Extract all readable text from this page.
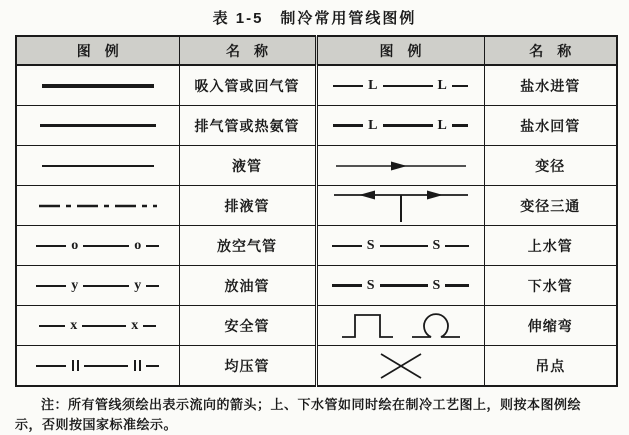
表 1-5　制冷常用管线图例
图　例	名　称	图　例	名　称

	吸入管或回气管	L L	盐水进管

	排气管或热氨管	L L	盐水回管

	液管		变径

	排液管		变径三通

o o	放空气管	S S	上水管

y y	放油管	S S	下水管

x x	安全管		伸缩弯

	均压管		吊点
注：所有管线须绘出表示流向的箭头；上、下水管如同时绘在制冷工艺图上，则按本图例绘
示，否则按国家标准绘示。
